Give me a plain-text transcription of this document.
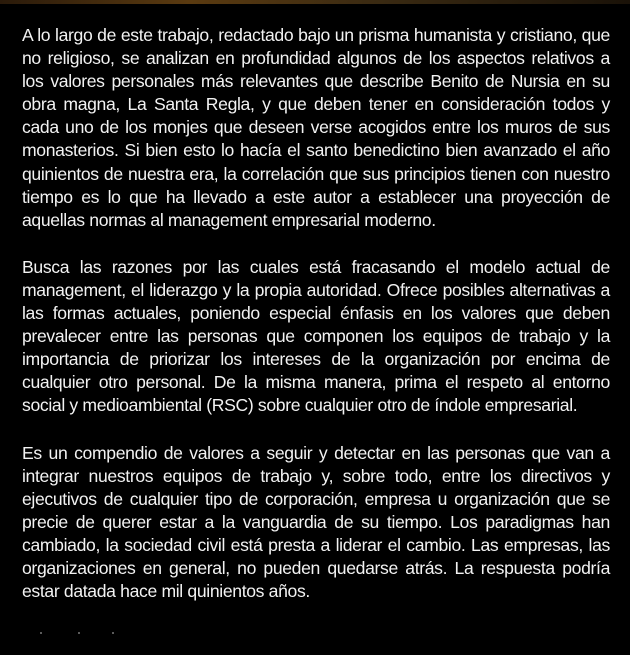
A lo largo de este trabajo, redactado bajo un prisma humanista y cristiano, que no religioso, se analizan en profundidad algunos de los aspectos relativos a los valores personales más relevantes que describe Benito de Nursia en su obra magna, La Santa Regla, y que deben tener en consideración todos y cada uno de los monjes que deseen verse acogidos entre los muros de sus monasterios. Si bien esto lo hacía el santo benedictino bien avanzado el año quinientos de nuestra era, la correlación que sus principios tienen con nuestro tiempo es lo que ha llevado a este autor a establecer una proyección de aquellas normas al management empresarial moderno.

Busca las razones por las cuales está fracasando el modelo actual de management, el liderazgo y la propia autoridad. Ofrece posibles alternativas a las formas actuales, poniendo especial énfasis en los valores que deben prevalecer entre las personas que componen los equipos de trabajo y la importancia de priorizar los intereses de la organización por encima de cualquier otro personal. De la misma manera, prima el respeto al entorno social y medioambiental (RSC) sobre cualquier otro de índole empresarial.

Es un compendio de valores a seguir y detectar en las personas que van a integrar nuestros equipos de trabajo y, sobre todo, entre los directivos y ejecutivos de cualquier tipo de corporación, empresa u organización que se precie de querer estar a la vanguardia de su tiempo. Los paradigmas han cambiado, la sociedad civil está presta a liderar el cambio. Las empresas, las organizaciones en general, no pueden quedarse atrás. La respuesta podría estar datada hace mil quinientos años.
